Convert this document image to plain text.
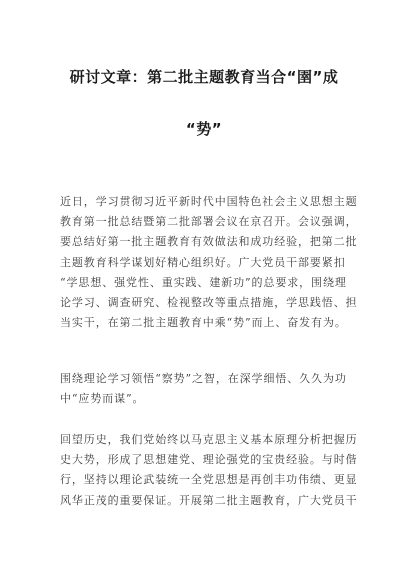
研讨文章：第二批主题教育当合“圉”成
“势”

近日，学习贯彻习近平新时代中国特色社会主义思想主题
教育第一批总结暨第二批部署会议在京召开。会议强调，
要总结好第一批主题教育有效做法和成功经验，把第二批
主题教育科学谋划好精心组织好。广大党员干部要紧扣
“学思想、强党性、重实践、建新功”的总要求，围绕理
论学习、调查研究、检视整改等重点措施，学思践悟、担
当实干，在第二批主题教育中乘“势”而上、奋发有为。

围绕理论学习领悟“察势”之智，在深学细悟、久久为功
中“应势而谋”。

回望历史，我们党始终以马克思主义基本原理分析把握历
史大势，形成了思想建党、理论强党的宝贵经验。与时偕
行，坚持以理论武装统一全党思想是再创丰功伟绩、更显
风华正茂的重要保证。开展第二批主题教育，广大党员干
